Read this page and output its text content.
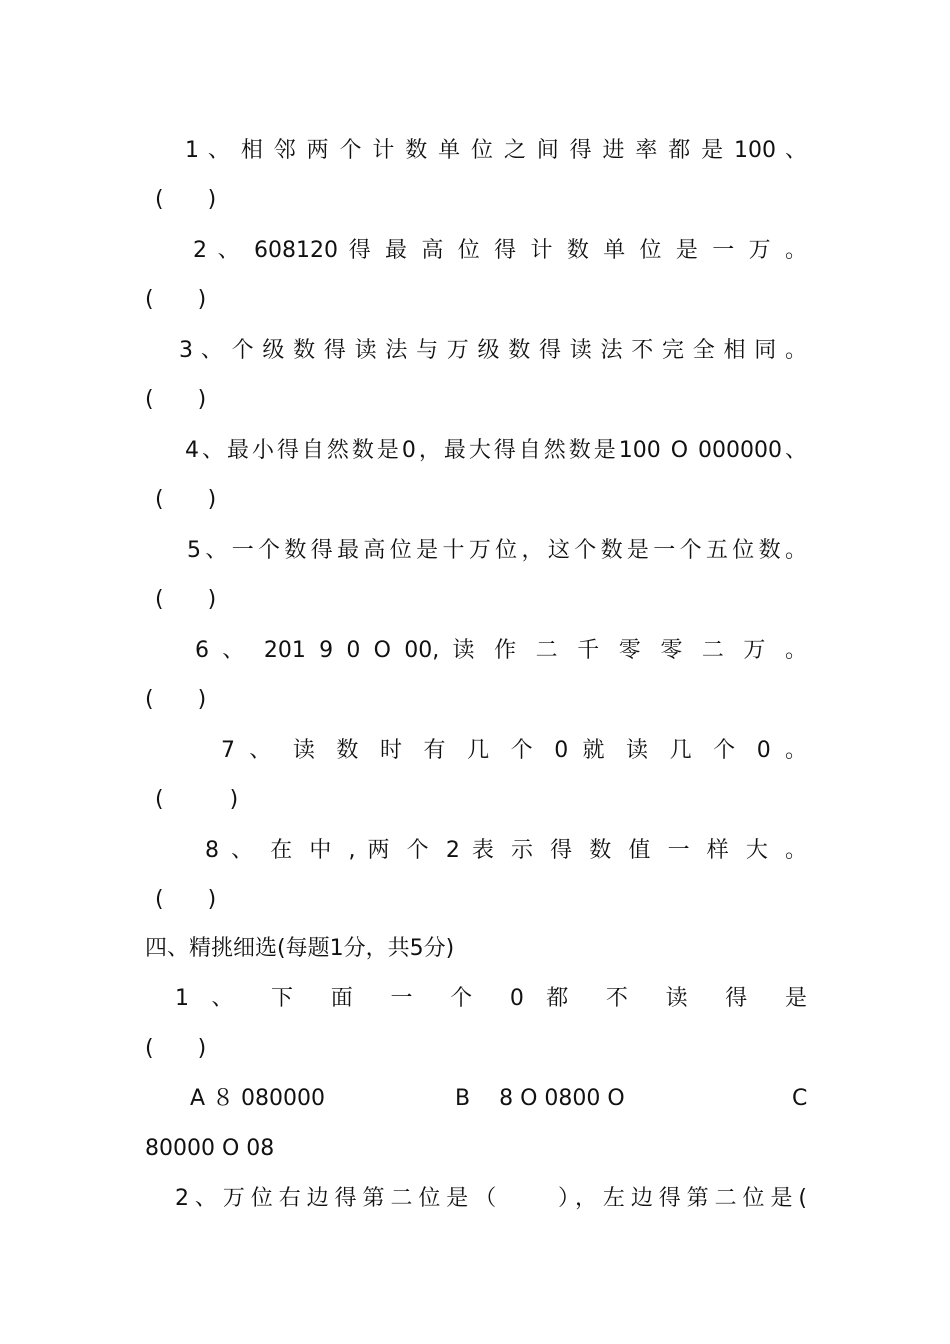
1 、 相 邻 两 个 计 数 单 位 之 间 得 进 率 都 是 100 、
(　　)
2 、 608120 得 最 高 位 得 计 数 单 位 是 一 万 。
(　　)
3 、 个 级 数 得 读 法 与 万 级 数 得 读 法 不 完 全 相 同 。
(　　)
4、最小得自然数是0，最大得自然数是100 O 000000、
(　　)
5、一个数得最高位是十万位，这个数是一个五位数。
(　　)
6 、 201 9 0 O 00, 读 作 二 千 零 零 二 万 。
(　　)
7 、 读 数 时 有 几 个 0 就 读 几 个 0 。
(　　　)
8 、 在 中 , 两 个 2 表 示 得 数 值 一 样 大 。
(　　)
四、精挑细选(每题1分，共5分)
1 、 下 面 一 个 0 都 不 读 得 是
(　　)
A ８ 080000	B　 8 O 0800 O	C
80000 O 08
2、万位右边得第二位是（　　），左边得第二位是(
